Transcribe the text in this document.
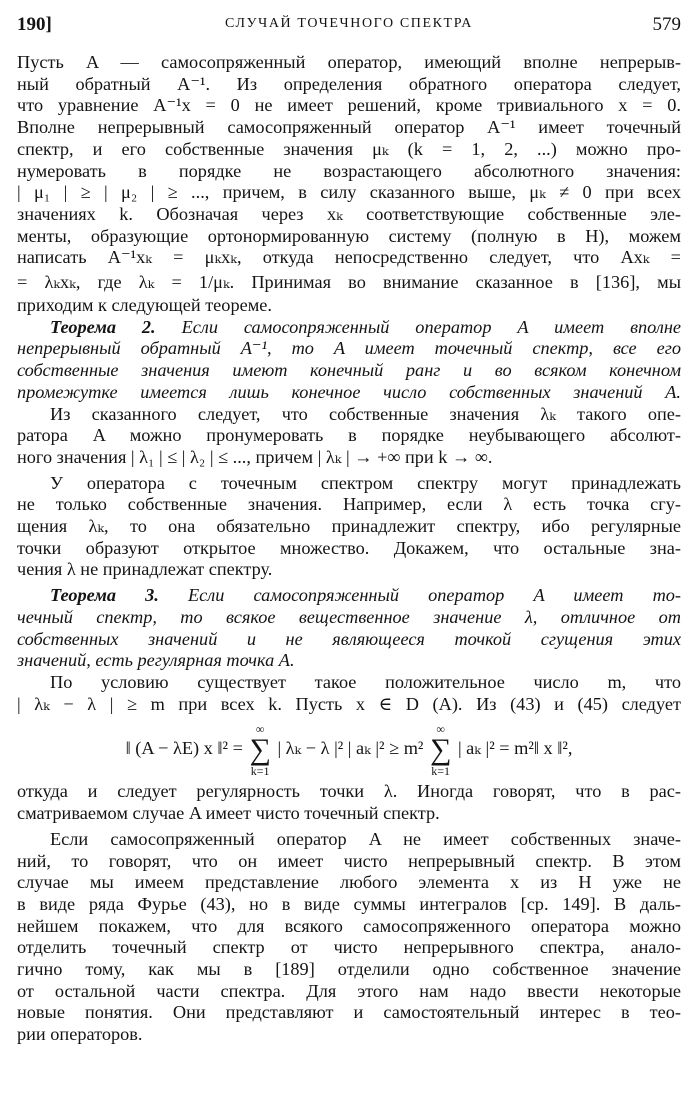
190]	СЛУЧАЙ ТОЧЕЧНОГО СПЕКТРА	579

Пусть A — самосопряженный оператор, имеющий вполне непрерыв-

ный обратный A⁻¹. Из определения обратного оператора следует,

что уравнение A⁻¹x = 0 не имеет решений, кроме тривиального x = 0.

Вполне непрерывный самосопряженный оператор A⁻¹ имеет точечный

спектр, и его собственные значения μₖ (k = 1, 2, ...) можно про-

нумеровать в порядке не возрастающего абсолютного значения:

| μ₁ | ≥ | μ₂ | ≥ ..., причем, в силу сказанного выше, μₖ ≠ 0 при всех

значениях k. Обозначая через xₖ соответствующие собственные эле-

менты, образующие ортонормированную систему (полную в H), можем

написать A⁻¹xₖ = μₖxₖ, откуда непосредственно следует, что Axₖ =

= λₖxₖ, где λₖ = 1/μₖ. Принимая во внимание сказанное в [136], мы

приходим к следующей теореме.

Теорема 2. Если самосопряженный оператор A имеет вполне

непрерывный обратный A⁻¹, то A имеет точечный спектр, все его

собственные значения имеют конечный ранг и во всяком конечном

промежутке имеется лишь конечное число собственных значений A.

Из сказанного следует, что собственные значения λₖ такого опе-

ратора A можно пронумеровать в порядке неубывающего абсолют-

ного значения | λ₁ | ≤ | λ₂ | ≤ ..., причем | λₖ | → +∞ при k → ∞.

У оператора с точечным спектром спектру могут принадлежать

не только собственные значения. Например, если λ есть точка сгу-

щения λₖ, то она обязательно принадлежит спектру, ибо регулярные

точки образуют открытое множество. Докажем, что остальные зна-

чения λ не принадлежат спектру.

Теорема 3. Если самосопряженный оператор A имеет то-

чечный спектр, то всякое вещественное значение λ, отличное от

собственных значений и не являющееся точкой сгущения этих

значений, есть регулярная точка A.

По условию существует такое положительное число m, что

| λₖ − λ | ≥ m при всех k. Пусть x ∈ D (A). Из (43) и (45) следует

‖ (A − λE) x ‖² =
∞
∑
k=1
| λₖ − λ |² | aₖ |² ≥ m²
∞
∑
k=1
| aₖ |² = m²‖ x ‖²,

откуда и следует регулярность точки λ. Иногда говорят, что в рас-

сматриваемом случае A имеет чисто точечный спектр.

Если самосопряженный оператор A не имеет собственных значе-

ний, то говорят, что он имеет чисто непрерывный спектр. В этом

случае мы имеем представление любого элемента x из H уже не

в виде ряда Фурье (43), но в виде суммы интегралов [ср. 149]. В даль-

нейшем покажем, что для всякого самосопряженного оператора можно

отделить точечный спектр от чисто непрерывного спектра, анало-

гично тому, как мы в [189] отделили одно собственное значение

от остальной части спектра. Для этого нам надо ввести некоторые

новые понятия. Они представляют и самостоятельный интерес в тео-

рии операторов.
